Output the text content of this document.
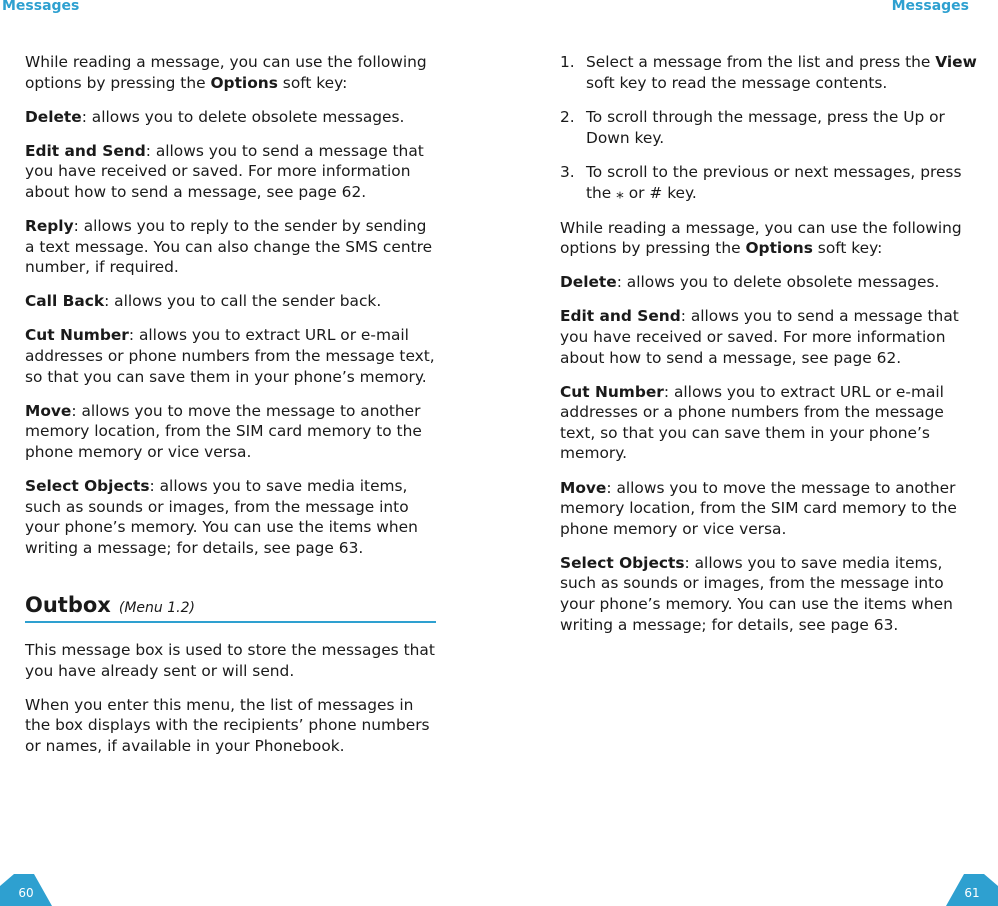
Messages

While reading a message, you can use the following options by pressing the Options soft key:

Delete: allows you to delete obsolete messages.

Edit and Send: allows you to send a message that you have received or saved. For more information about how to send a message, see page 62.

Reply: allows you to reply to the sender by sending a text message. You can also change the SMS centre number, if required.

Call Back: allows you to call the sender back.

Cut Number: allows you to extract URL or e-mail addresses or phone numbers from the message text, so that you can save them in your phone’s memory.

Move: allows you to move the message to another memory location, from the SIM card memory to the phone memory or vice versa.

Select Objects: allows you to save media items, such as sounds or images, from the message into your phone’s memory. You can use the items when writing a message; for details, see page 63.

Outbox (Menu 1.2)

This message box is used to store the messages that you have already sent or will send.

When you enter this menu, the list of messages in the box displays with the recipients’ phone numbers or names, if available in your Phonebook.

60
Messages
1. Select a message from the list and press the View soft key to read the message contents.
2. To scroll through the message, press the Up or Down key.
3. To scroll to the previous or next messages, press the ⁎ or # key.

While reading a message, you can use the following options by pressing the Options soft key:

Delete: allows you to delete obsolete messages.

Edit and Send: allows you to send a message that you have received or saved. For more information about how to send a message, see page 62.

Cut Number: allows you to extract URL or e-mail addresses or a phone numbers from the message text, so that you can save them in your phone’s memory.

Move: allows you to move the message to another memory location, from the SIM card memory to the phone memory or vice versa.

Select Objects: allows you to save media items, such as sounds or images, from the message into your phone’s memory. You can use the items when writing a message; for details, see page 63.

61
